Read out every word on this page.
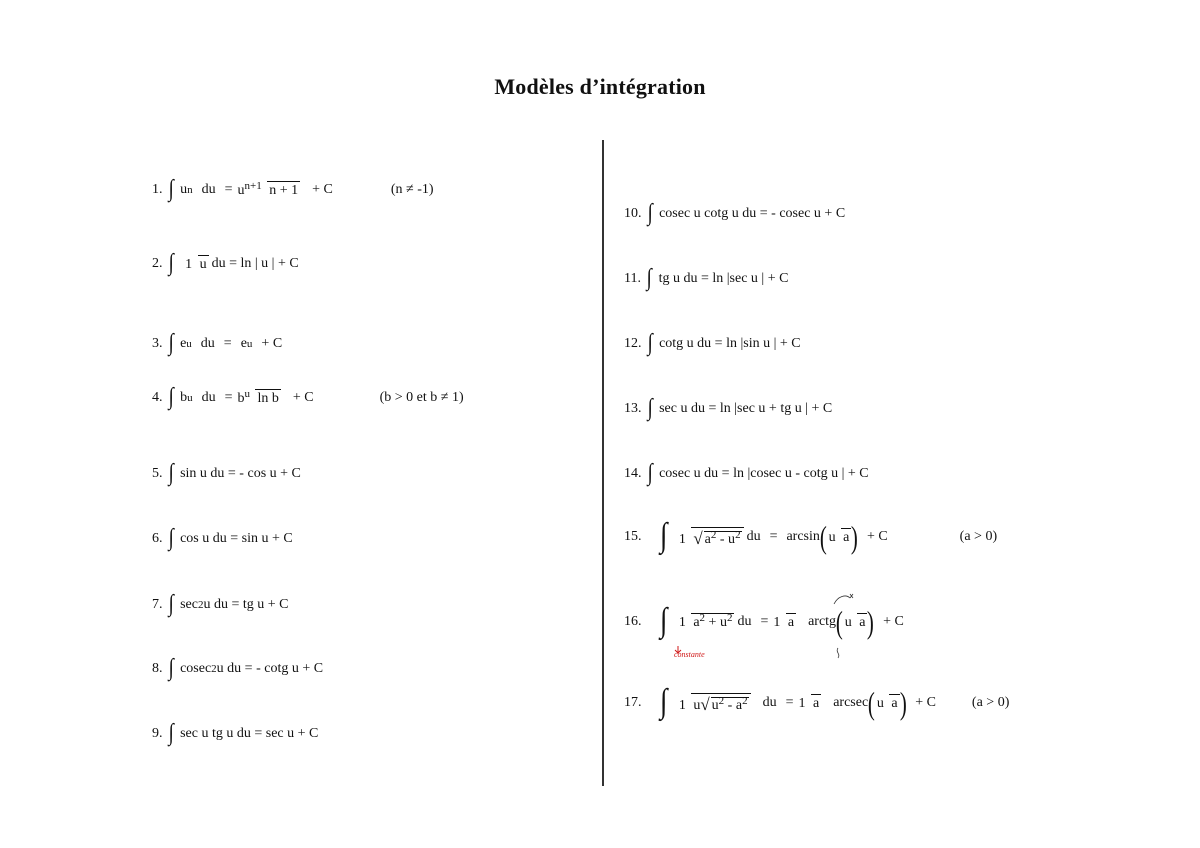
Modèles d’intégration
1. ∫ u n du = $u^{n+1}$ n + 1 + C	(n ≠ -1)
2. ∫ 1 u du = ln | u | + C
3. ∫ e u du = e u + C
4. ∫ b u du = $b^u$ ln b + C	(b > 0 et b ≠ 1)
5. ∫ sin u du = - cos u + C
6. ∫ cos u du = sin u + C
7. ∫ sec 2 u du = tg u + C
8. ∫ cosec 2 u du = - cotg u + C
9. ∫ sec u tg u du = sec u + C
10. ∫ cosec u cotg u du = - cosec u + C
11. ∫ tg u du = ln |sec u | + C
12. ∫ cotg u du = ln |sin u | + C
13. ∫ sec u du = ln |sec u + tg u | + C
14. ∫ cosec u du = ln |cosec u - cotg u | + C
15. ∫ 1 √ $a^2 - u^2$ du = arcsin ( u a ) + C	(a > 0)
16. ∫ 1 $a^2 + u^2$ du = 1 a arctg ( u a ) + C
constante
17. ∫ 1 u√ $u^2 - a^2$ du = 1 a arcsec ( u a ) + C	(a > 0)
